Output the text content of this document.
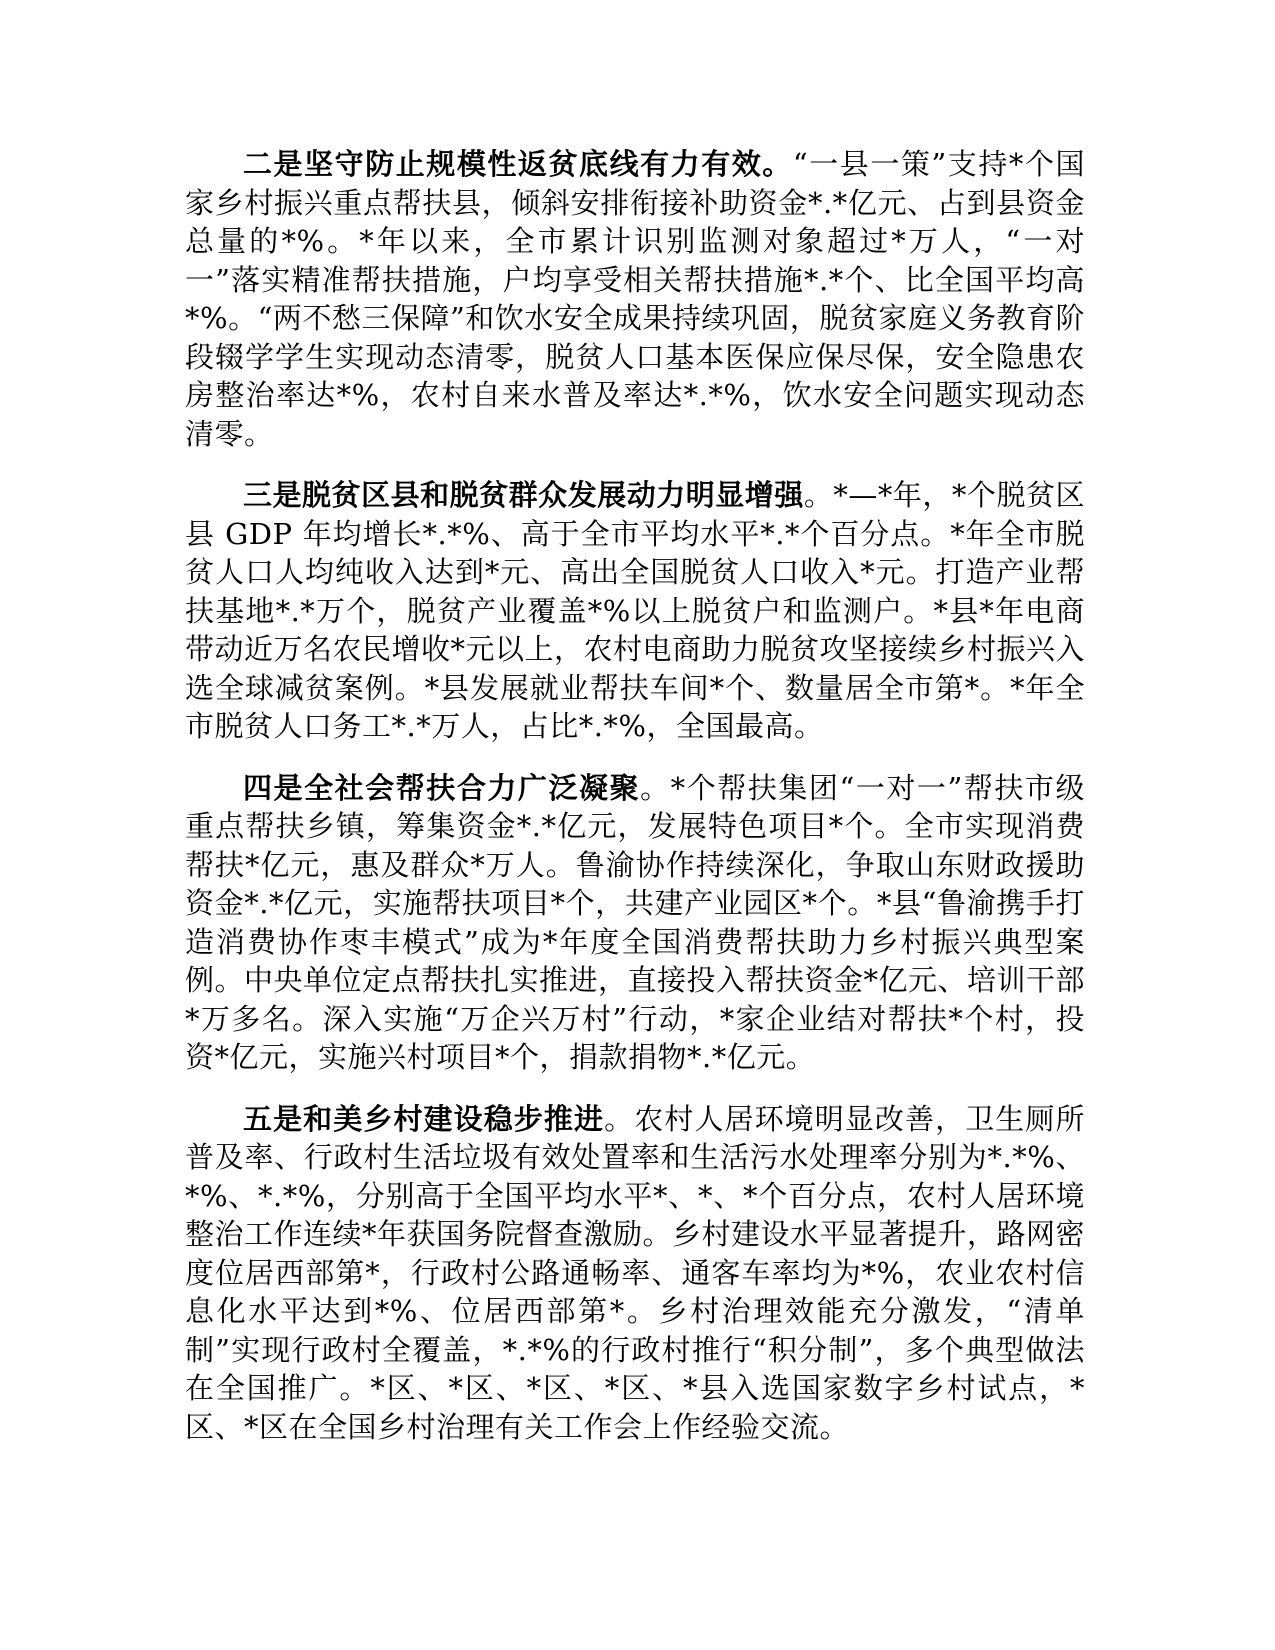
二是坚守防止规模性返贫底线有力有效。“一县一策”支持*个国家乡村振兴重点帮扶县，倾斜安排衔接补助资金*.*亿元、占到县资金总量的*%。*年以来，全市累计识别监测对象超过*万人，“一对一”落实精准帮扶措施，户均享受相关帮扶措施*.*个、比全国平均高*%。“两不愁三保障”和饮水安全成果持续巩固，脱贫家庭义务教育阶段辍学学生实现动态清零，脱贫人口基本医保应保尽保，安全隐患农房整治率达*%，农村自来水普及率达*.*%，饮水安全问题实现动态清零。

三是脱贫区县和脱贫群众发展动力明显增强。*—*年，*个脱贫区县 GDP 年均增长*.*%、高于全市平均水平*.*个百分点。*年全市脱贫人口人均纯收入达到*元、高出全国脱贫人口收入*元。打造产业帮扶基地*.*万个，脱贫产业覆盖*%以上脱贫户和监测户。*县*年电商带动近万名农民增收*元以上，农村电商助力脱贫攻坚接续乡村振兴入选全球减贫案例。*县发展就业帮扶车间*个、数量居全市第*。*年全市脱贫人口务工*.*万人，占比*.*%，全国最高。

四是全社会帮扶合力广泛凝聚。*个帮扶集团“一对一”帮扶市级重点帮扶乡镇，筹集资金*.*亿元，发展特色项目*个。全市实现消费帮扶*亿元，惠及群众*万人。鲁渝协作持续深化，争取山东财政援助资金*.*亿元，实施帮扶项目*个，共建产业园区*个。*县“鲁渝携手打造消费协作枣丰模式”成为*年度全国消费帮扶助力乡村振兴典型案例。中央单位定点帮扶扎实推进，直接投入帮扶资金*亿元、培训干部*万多名。深入实施“万企兴万村”行动，*家企业结对帮扶*个村，投资*亿元，实施兴村项目*个，捐款捐物*.*亿元。

五是和美乡村建设稳步推进。农村人居环境明显改善，卫生厕所普及率、行政村生活垃圾有效处置率和生活污水处理率分别为*.*%、*%、*.*%，分别高于全国平均水平*、*、*个百分点，农村人居环境整治工作连续*年获国务院督查激励。乡村建设水平显著提升，路网密度位居西部第*，行政村公路通畅率、通客车率均为*%，农业农村信息化水平达到*%、位居西部第*。乡村治理效能充分激发，“清单制”实现行政村全覆盖，*.*%的行政村推行“积分制”，多个典型做法在全国推广。*区、*区、*区、*区、*县入选国家数字乡村试点，*区、*区在全国乡村治理有关工作会上作经验交流。
